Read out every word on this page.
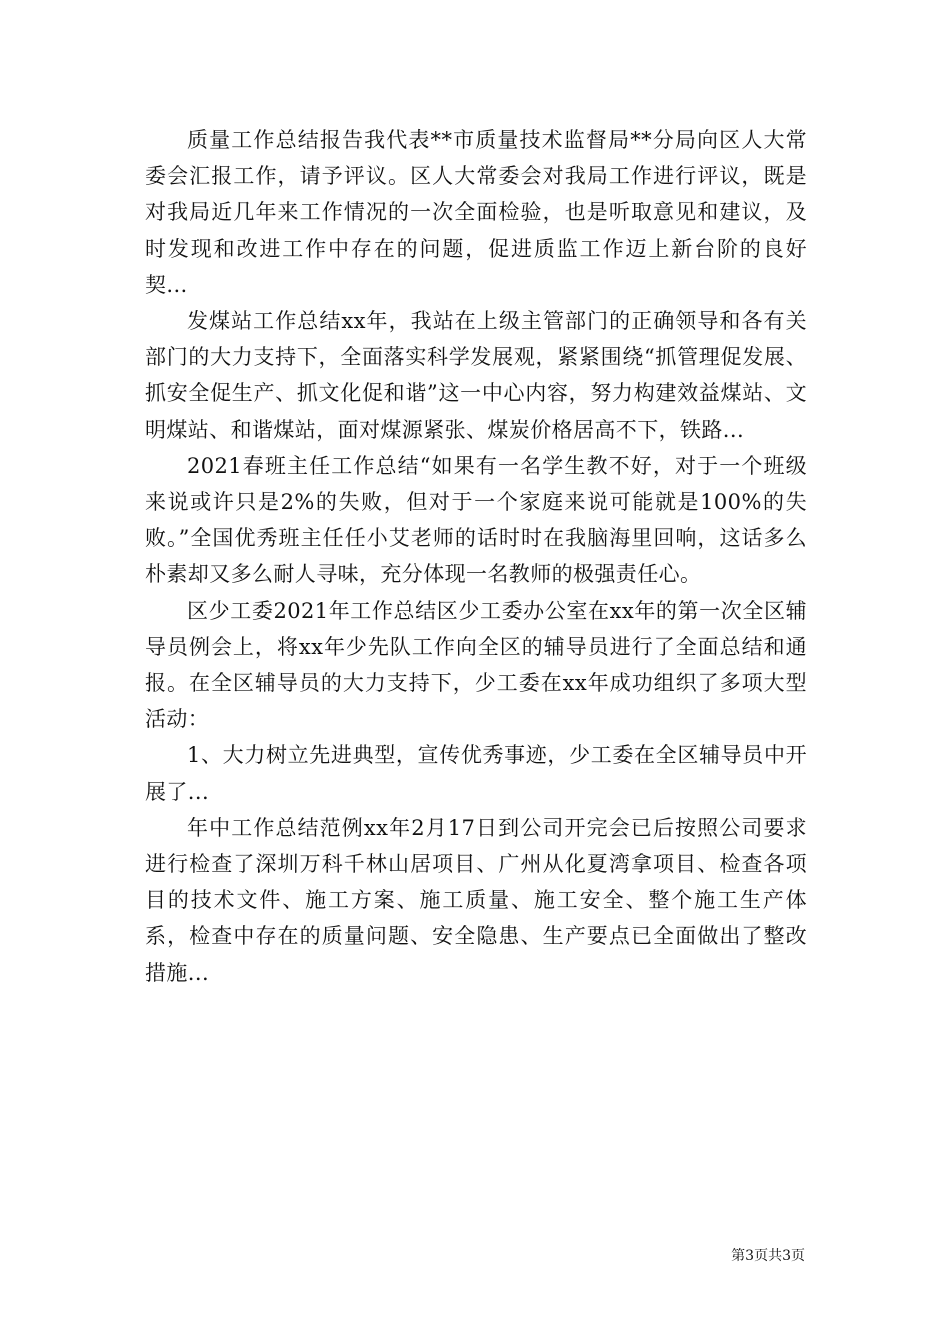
质量工作总结报告我代表**市质量技术监督局**分局向区人大常委会汇报工作，请予评议。区人大常委会对我局工作进行评议，既是对我局近几年来工作情况的一次全面检验，也是听取意见和建议，及时发现和改进工作中存在的问题，促进质监工作迈上新台阶的良好契...

发煤站工作总结xx年，我站在上级主管部门的正确领导和各有关部门的大力支持下，全面落实科学发展观，紧紧围绕“抓管理促发展、抓安全促生产、抓文化促和谐”这一中心内容，努力构建效益煤站、文明煤站、和谐煤站，面对煤源紧张、煤炭价格居高不下，铁路...

2021春班主任工作总结“如果有一名学生教不好，对于一个班级来说或许只是2%的失败，但对于一个家庭来说可能就是100%的失败。”全国优秀班主任任小艾老师的话时时在我脑海里回响，这话多么朴素却又多么耐人寻味，充分体现一名教师的极强责任心。

区少工委2021年工作总结区少工委办公室在xx年的第一次全区辅导员例会上，将xx年少先队工作向全区的辅导员进行了全面总结和通报。在全区辅导员的大力支持下，少工委在xx年成功组织了多项大型活动：

1、大力树立先进典型，宣传优秀事迹，少工委在全区辅导员中开展了...

年中工作总结范例xx年2月17日到公司开完会已后按照公司要求进行检查了深圳万科千林山居项目、广州从化夏湾拿项目、检查各项目的技术文件、施工方案、施工质量、施工安全、整个施工生产体系，检查中存在的质量问题、安全隐患、生产要点已全面做出了整改措施...

第3页共3页
